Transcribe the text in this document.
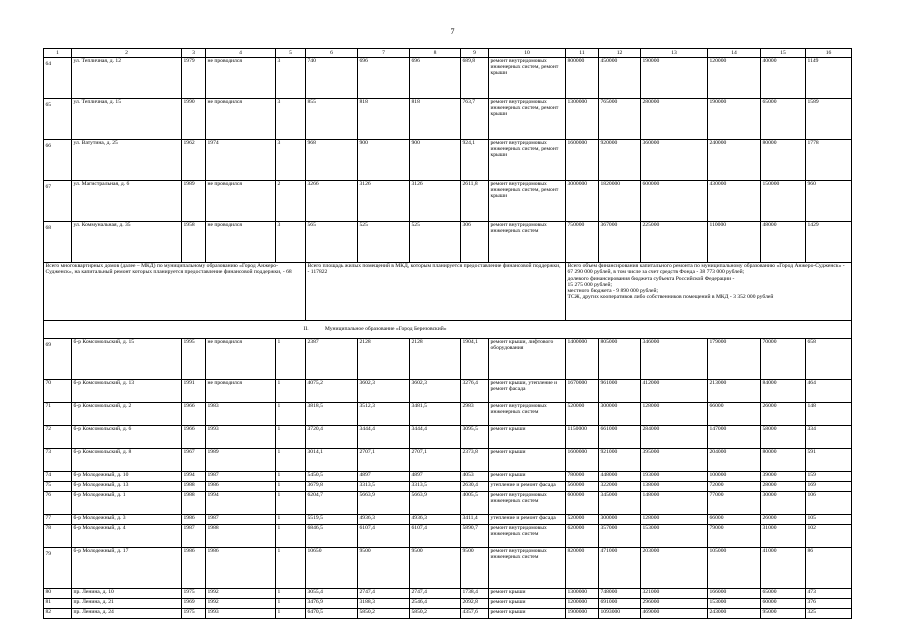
7
1	2	3	4	5	6	7	8	9	10	11	12	13	14	15	16
64	ул. Тепличная, д. 12	1979	не проводился	3	740	696	696	689,8	ремонт внутридомовых инженерных систем, ремонт крыши	800000	450000	190000	120000	40000	1149
65	ул. Тепличная, д. 15	1990	не проводился	3	855	818	818	763,7	ремонт внутридомовых инженерных систем, ремонт крыши	1300000	765000	280000	190000	65000	1589
66	ул. Ватутина, д. 25	1962	1974	3	968	900	900	924,1	ремонт внутридомовых инженерных систем, ремонт крыши	1600000	920000	360000	240000	80000	1778
67	ул. Магистральная, д. 6	1989	не проводился	2	3266	3126	3126	2611,8	ремонт внутридомовых инженерных систем, ремонт крыши	3000000	1820000	600000	430000	150000	960
68	ул. Коммунальная, д. 35	1958	не проводился	3	565	525	525	306	ремонт внутридомовых инженерных систем	750000	367000	225000	110000	48000	1429
Всего многоквартирных домов (далее – МКД) по муниципальному образованию «Город Анжеро-Судженск», на капитальный ремонт которых планируется предоставление финансовой поддержки, - 68					Всего площадь жилых помещений в МКД, которым планируется предоставление финансовой поддержки, - 117822					Всего объем финансирования капитального ремонта по муниципальному образованию «Город Анжеро-Судженск» - 67 290 000 рублей, в том числе за счет средств Фонда - 38 773 000 рублей;
долевого финансирования бюджета субъекта Российской Федерации -
15 275 000 рублей;
местного бюджета - 9 890 000 рублей;
ТСЖ, других кооперативов либо собственников помещений в МКД - 3 352 000 рублей					

II. Муниципальное образование «Город Березовский»															

69	б-р Комсомольский, д. 15	1995	не проводился	1	2387	2128	2128	1904,1	ремонт крыши, лифтового оборудования	1400000	805000	346000	179000	70000	658
70	б-р Комсомольский, д. 13	1991	не проводился	1	4075,2	3602,3	3602,3	3276,4	ремонт крыши, утепление и ремонт фасада	1670000	961000	412000	213000	84000	464
71	б-р Комсомольский, д. 2	1966	1983	1	3818,5	3512,3	3481,5	2983	ремонт внутридомовых инженерных систем	520000	300000	128000	66000	26000	148
72	б-р Комсомольский, д. 6	1966	1993	1	3720,4	3444,4	3444,4	3095,5	ремонт крыши	1150000	661000	284000	147000	58000	334
73	б-р Комсомольский, д. 8	1967	1989	1	3014,1	2707,1	2707,1	2373,8	ремонт крыши	1600000	921000	395000	204000	80000	591
74	б-р Молодежный, д. 10	1994	1987	1	5450,5	4897	4897	4053	ремонт крыши	780000	448000	193000	100000	39000	159
75	б-р Молодежный, д. 13	1988	1986	1	3679,8	3313,5	3313,5	2630,4	утепление и ремонт фасада	560000	322000	138000	72000	28000	169
76	б-р Молодежный, д. 1	1988	1994	1	6204,7	5663,9	5663,9	4005,5	ремонт внутридомовых инженерных систем	600000	345000	148000	77000	30000	106
77	б-р Молодежный, д. 3	1986	1987	1	5519,5	4936,3	4936,3	3411,4	утепление и ремонт фасада	520000	300000	128000	66000	26000	105
78	б-р Молодежный, д. 4	1987	1988	1	6846,5	6107,4	6107,4	5890,7	ремонт внутридомовых инженерных систем	620000	357000	153000	79000	31000	102
79	б-р Молодежный, д. 17	1986	1986	1	10650	9500	9500	9500	ремонт внутридомовых инженерных систем	820000	471000	203000	105000	41000	86
80	пр. Ленина, д. 10	1975	1992	1	3055,4	2747,4	2747,4	1738,4	ремонт крыши	1300000	748000	321000	166000	65000	473
81	пр. Ленина, д. 21	1969	1992	1	3476,9	3188,3	2546,4	2092,8	ремонт крыши	1200000	691000	296000	153000	60000	376
82	пр. Ленина, д. 24	1975	1993	1	6470,5	5850,2	5850,2	4357,6	ремонт крыши	1900000	1093000	469000	243000	95000	325
